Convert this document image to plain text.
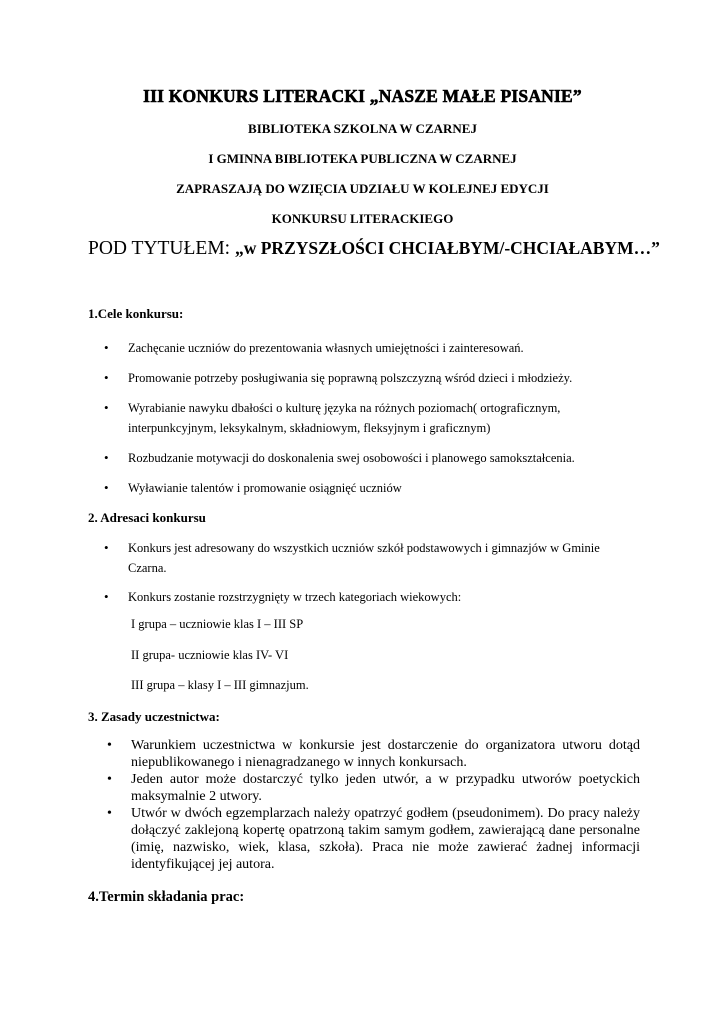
III KONKURS LITERACKI „NASZE MAŁE PISANIE”
BIBLIOTEKA SZKOLNA W CZARNEJ
I GMINNA BIBLIOTEKA PUBLICZNA W CZARNEJ
ZAPRASZAJĄ DO WZIĘCIA UDZIAŁU W KOLEJNEJ EDYCJI
KONKURSU LITERACKIEGO
POD TYTUŁEM: „w PRZYSZŁOŚCI CHCIAŁBYM/-CHCIAŁABYM…”
1.Cele konkursu:
• Zachęcanie uczniów do prezentowania własnych umiejętności i zainteresowań.
• Promowanie potrzeby posługiwania się poprawną polszczyzną wśród dzieci i młodzieży.
• Wyrabianie nawyku dbałości o kulturę języka na różnych poziomach( ortograficznym, interpunkcyjnym, leksykalnym, składniowym, fleksyjnym i graficznym)
• Rozbudzanie motywacji do doskonalenia swej osobowości i planowego samokształcenia.
• Wyławianie talentów i promowanie osiągnięć uczniów
2. Adresaci konkursu
• Konkurs jest adresowany do wszystkich uczniów szkół podstawowych i gimnazjów w Gminie Czarna.
• Konkurs zostanie rozstrzygnięty w trzech kategoriach wiekowych:
I grupa – uczniowie klas I – III SP
II grupa- uczniowie klas IV- VI
III grupa – klasy I – III gimnazjum.
3. Zasady uczestnictwa:
• Warunkiem uczestnictwa w konkursie jest dostarczenie do organizatora utworu dotąd niepublikowanego i nienagradzanego w innych konkursach.
• Jeden autor może dostarczyć tylko jeden utwór, a w przypadku utworów poetyckich maksymalnie 2 utwory.
• Utwór w dwóch egzemplarzach należy opatrzyć godłem (pseudonimem). Do pracy należy dołączyć zaklejoną kopertę opatrzoną takim samym godłem, zawierającą dane personalne (imię, nazwisko, wiek, klasa, szkoła). Praca nie może zawierać żadnej informacji identyfikującej jej autora.
4.Termin składania prac:
